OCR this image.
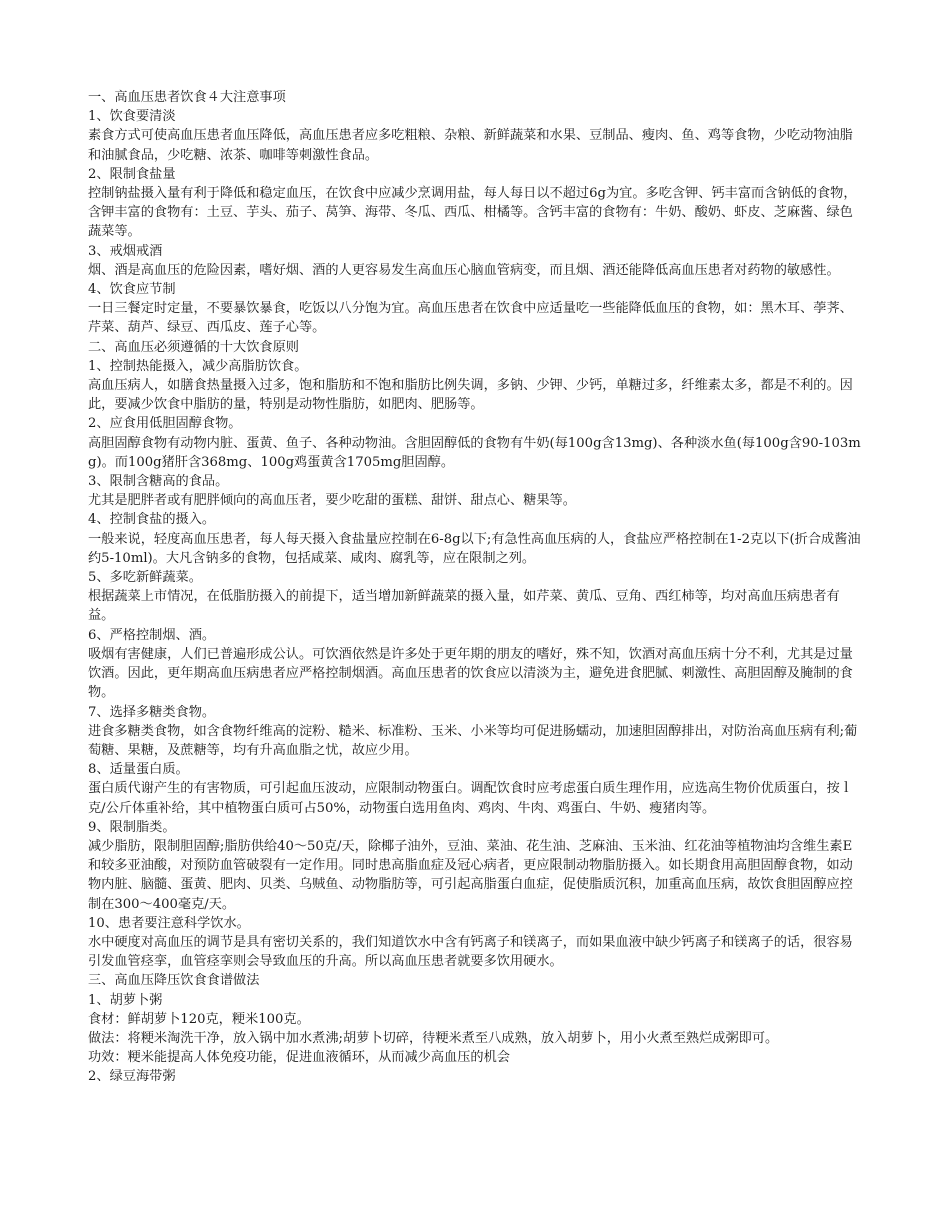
一、高血压患者饮食４大注意事项
1、饮食要清淡
素食方式可使高血压患者血压降低，高血压患者应多吃粗粮、杂粮、新鲜蔬菜和水果、豆制品、瘦肉、鱼、鸡等食物，少吃动物油脂和油腻食品，少吃糖、浓茶、咖啡等刺激性食品。
2、限制食盐量
控制钠盐摄入量有利于降低和稳定血压，在饮食中应减少烹调用盐，每人每日以不超过6g为宜。多吃含钾、钙丰富而含钠低的食物，含钾丰富的食物有：土豆、芋头、茄子、莴笋、海带、冬瓜、西瓜、柑橘等。含钙丰富的食物有：牛奶、酸奶、虾皮、芝麻酱、绿色蔬菜等。
3、戒烟戒酒
烟、酒是高血压的危险因素，嗜好烟、酒的人更容易发生高血压心脑血管病变，而且烟、酒还能降低高血压患者对药物的敏感性。
4、饮食应节制
一日三餐定时定量，不要暴饮暴食，吃饭以八分饱为宜。高血压患者在饮食中应适量吃一些能降低血压的食物，如：黑木耳、荸荠、芹菜、葫芦、绿豆、西瓜皮、莲子心等。
二、高血压必须遵循的十大饮食原则
1、控制热能摄入，减少高脂肪饮食。
高血压病人，如膳食热量摄入过多，饱和脂肪和不饱和脂肪比例失调，多钠、少钾、少钙，单糖过多，纤维素太多，都是不利的。因此，要减少饮食中脂肪的量，特别是动物性脂肪，如肥肉、肥肠等。
2、应食用低胆固醇食物。
高胆固醇食物有动物内脏、蛋黄、鱼子、各种动物油。含胆固醇低的食物有牛奶(每100g含13mg)、各种淡水鱼(每100g含90-103mg)。而100g猪肝含368mg、100g鸡蛋黄含1705mg胆固醇。
3、限制含糖高的食品。
尤其是肥胖者或有肥胖倾向的高血压者，要少吃甜的蛋糕、甜饼、甜点心、糖果等。
4、控制食盐的摄入。
一般来说，轻度高血压患者，每人每天摄入食盐量应控制在6-8g以下;有急性高血压病的人，食盐应严格控制在1-2克以下(折合成酱油约5-10ml)。大凡含钠多的食物，包括咸菜、咸肉、腐乳等，应在限制之列。
5、多吃新鲜蔬菜。
根据蔬菜上市情况，在低脂肪摄入的前提下，适当增加新鲜蔬菜的摄入量，如芹菜、黄瓜、豆角、西红柿等，均对高血压病患者有益。
6、严格控制烟、酒。
吸烟有害健康，人们已普遍形成公认。可饮酒依然是许多处于更年期的朋友的嗜好，殊不知，饮酒对高血压病十分不利，尤其是过量饮酒。因此，更年期高血压病患者应严格控制烟酒。高血压患者的饮食应以清淡为主，避免进食肥腻、刺激性、高胆固醇及腌制的食物。
7、选择多糖类食物。
进食多糖类食物，如含食物纤维高的淀粉、糙米、标准粉、玉米、小米等均可促进肠蠕动，加速胆固醇排出，对防治高血压病有利;葡萄糖、果糖，及蔗糖等，均有升高血脂之忧，故应少用。
8、适量蛋白质。
蛋白质代谢产生的有害物质，可引起血压波动，应限制动物蛋白。调配饮食时应考虑蛋白质生理作用，应选高生物价优质蛋白，按ｌ克/公斤体重补给，其中植物蛋白质可占50%，动物蛋白选用鱼肉、鸡肉、牛肉、鸡蛋白、牛奶、瘦猪肉等。
9、限制脂类。
减少脂肪，限制胆固醇;脂肪供给40～50克/天，除椰子油外，豆油、菜油、花生油、芝麻油、玉米油、红花油等植物油均含维生素E和较多亚油酸，对预防血管破裂有一定作用。同时患高脂血症及冠心病者，更应限制动物脂肪摄入。如长期食用高胆固醇食物，如动物内脏、脑髓、蛋黄、肥肉、贝类、乌贼鱼、动物脂肪等，可引起高脂蛋白血症，促使脂质沉积，加重高血压病，故饮食胆固醇应控制在300～400毫克/天。
10、患者要注意科学饮水。
水中硬度对高血压的调节是具有密切关系的，我们知道饮水中含有钙离子和镁离子，而如果血液中缺少钙离子和镁离子的话，很容易引发血管痉挛，血管痉挛则会导致血压的升高。所以高血压患者就要多饮用硬水。
三、高血压降压饮食食谱做法
1、胡萝卜粥
食材：鲜胡萝卜120克，粳米100克。
做法：将粳米淘洗干净，放入锅中加水煮沸;胡萝卜切碎，待粳米煮至八成熟，放入胡萝卜，用小火煮至熟烂成粥即可。
功效：粳米能提高人体免疫功能，促进血液循环，从而减少高血压的机会
2、绿豆海带粥
